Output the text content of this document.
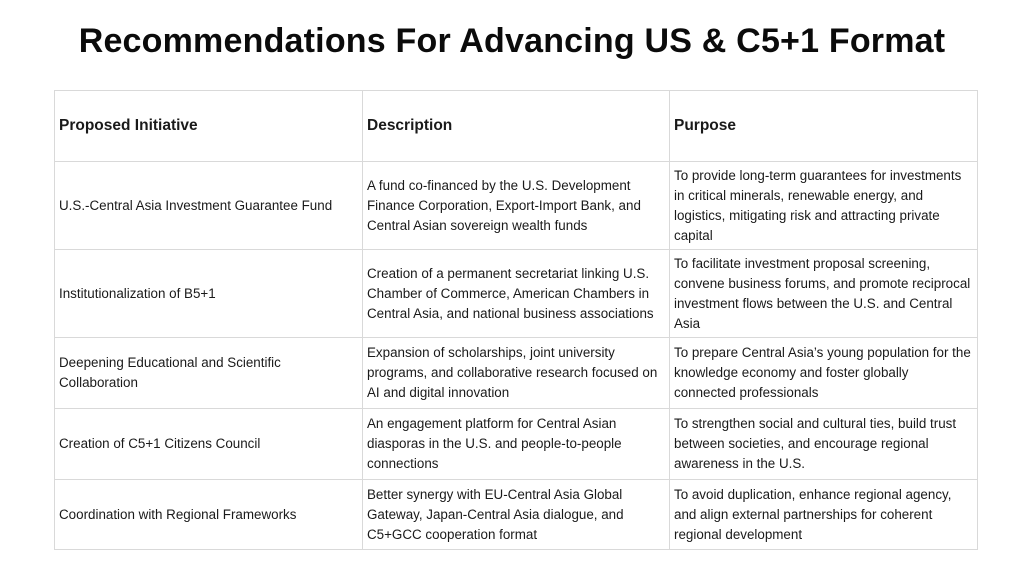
Recommendations For Advancing US & C5+1 Format
Proposed Initiative	Description	Purpose
U.S.-Central Asia Investment Guarantee Fund	A fund co-financed by the U.S. Development Finance Corporation, Export-Import Bank, and Central Asian sovereign wealth funds	To provide long-term guarantees for investments in critical minerals, renewable energy, and logistics, mitigating risk and attracting private capital
Institutionalization of B5+1	Creation of a permanent secretariat linking U.S. Chamber of Commerce, American Chambers in Central Asia, and national business associations	To facilitate investment proposal screening, convene business forums, and promote reciprocal investment flows between the U.S. and Central Asia
Deepening Educational and Scientific Collaboration	Expansion of scholarships, joint university programs, and collaborative research focused on AI and digital innovation	To prepare Central Asia’s young population for the knowledge economy and foster globally connected professionals
Creation of C5+1 Citizens Council	An engagement platform for Central Asian diasporas in the U.S. and people-to-people connections	To strengthen social and cultural ties, build trust between societies, and encourage regional awareness in the U.S.
Coordination with Regional Frameworks	Better synergy with EU-Central Asia Global Gateway, Japan-Central Asia dialogue, and C5+GCC cooperation format	To avoid duplication, enhance regional agency, and align external partnerships for coherent regional development
